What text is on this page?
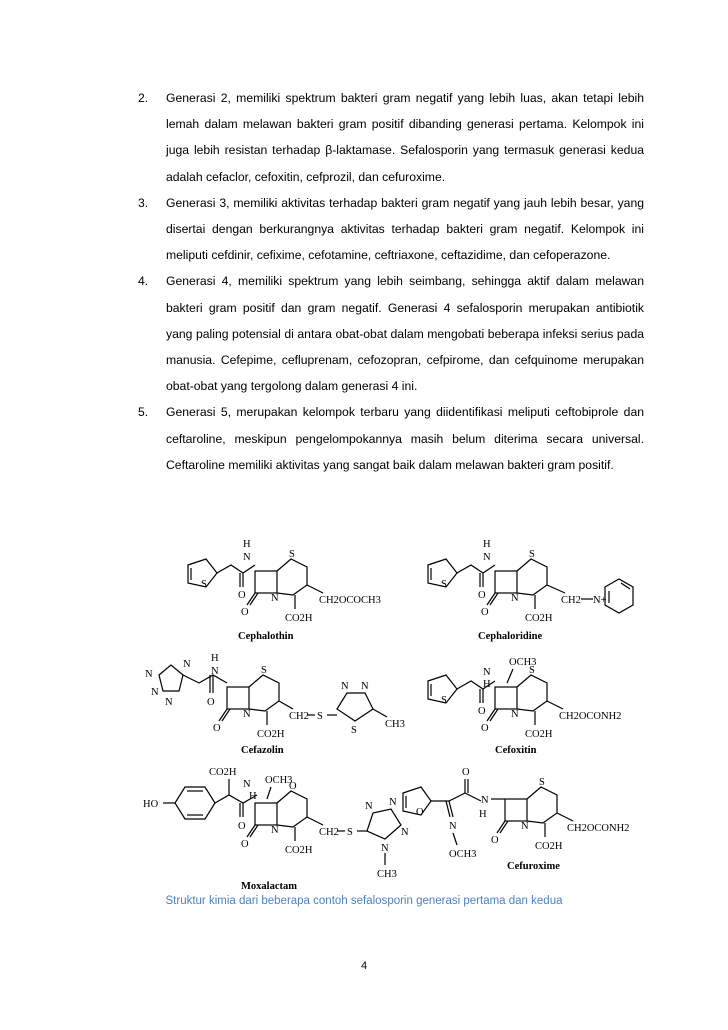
2.	Generasi 2, memiliki spektrum bakteri gram negatif yang lebih luas, akan tetapi lebih lemah dalam melawan bakteri gram positif dibanding generasi pertama. Kelompok ini juga lebih resistan terhadap β-laktamase. Sefalosporin yang termasuk generasi kedua adalah cefaclor, cefoxitin, cefprozil, dan cefuroxime.
3.	Generasi 3, memiliki aktivitas terhadap bakteri gram negatif yang jauh lebih besar, yang disertai dengan berkurangnya aktivitas terhadap bakteri gram negatif. Kelompok ini meliputi cefdinir, cefixime, cefotamine, ceftriaxone, ceftazidime, dan cefoperazone.
4.	Generasi 4, memiliki spektrum yang lebih seimbang, sehingga aktif dalam melawan bakteri gram positif dan gram negatif. Generasi 4 sefalosporin merupakan antibiotik yang paling potensial di antara obat-obat dalam mengobati beberapa infeksi serius pada manusia. Cefepime, cefluprenam, cefozopran, cefpirome, dan cefquinome merupakan obat-obat yang tergolong dalam generasi 4 ini.
5.	Generasi 5, merupakan kelompok terbaru yang diidentifikasi meliputi ceftobiprole dan ceftaroline, meskipun pengelompokannya masih belum diterima secara universal. Ceftaroline memiliki aktivitas yang sangat baik dalam melawan bakteri gram positif.
S
O
H
N
O
N
S
CO2H
CH2OCOCH3
Cephalothin
S
O
H
N
O
N
S
CO2H
CH2 N+
Cephaloridine
N
N
N
N
O
H
N
O
N
S
CO2H
CH2 S
N N
S
CH3
Cefazolin
S
O
N
H
OCH3
O
N
S
CO2H
CH2OCONH2
Cefoxitin
HO
CO2H
O
N
H
OCH3
O
N
O
CO2H
CH2 S
N N
N
N
CH3
Moxalactam
O
O
N
OCH3
N
H
O
N
S
CO2H
CH2OCONH2
Cefuroxime
Struktur kimia dari beberapa contoh sefalosporin generasi pertama dan kedua
4
